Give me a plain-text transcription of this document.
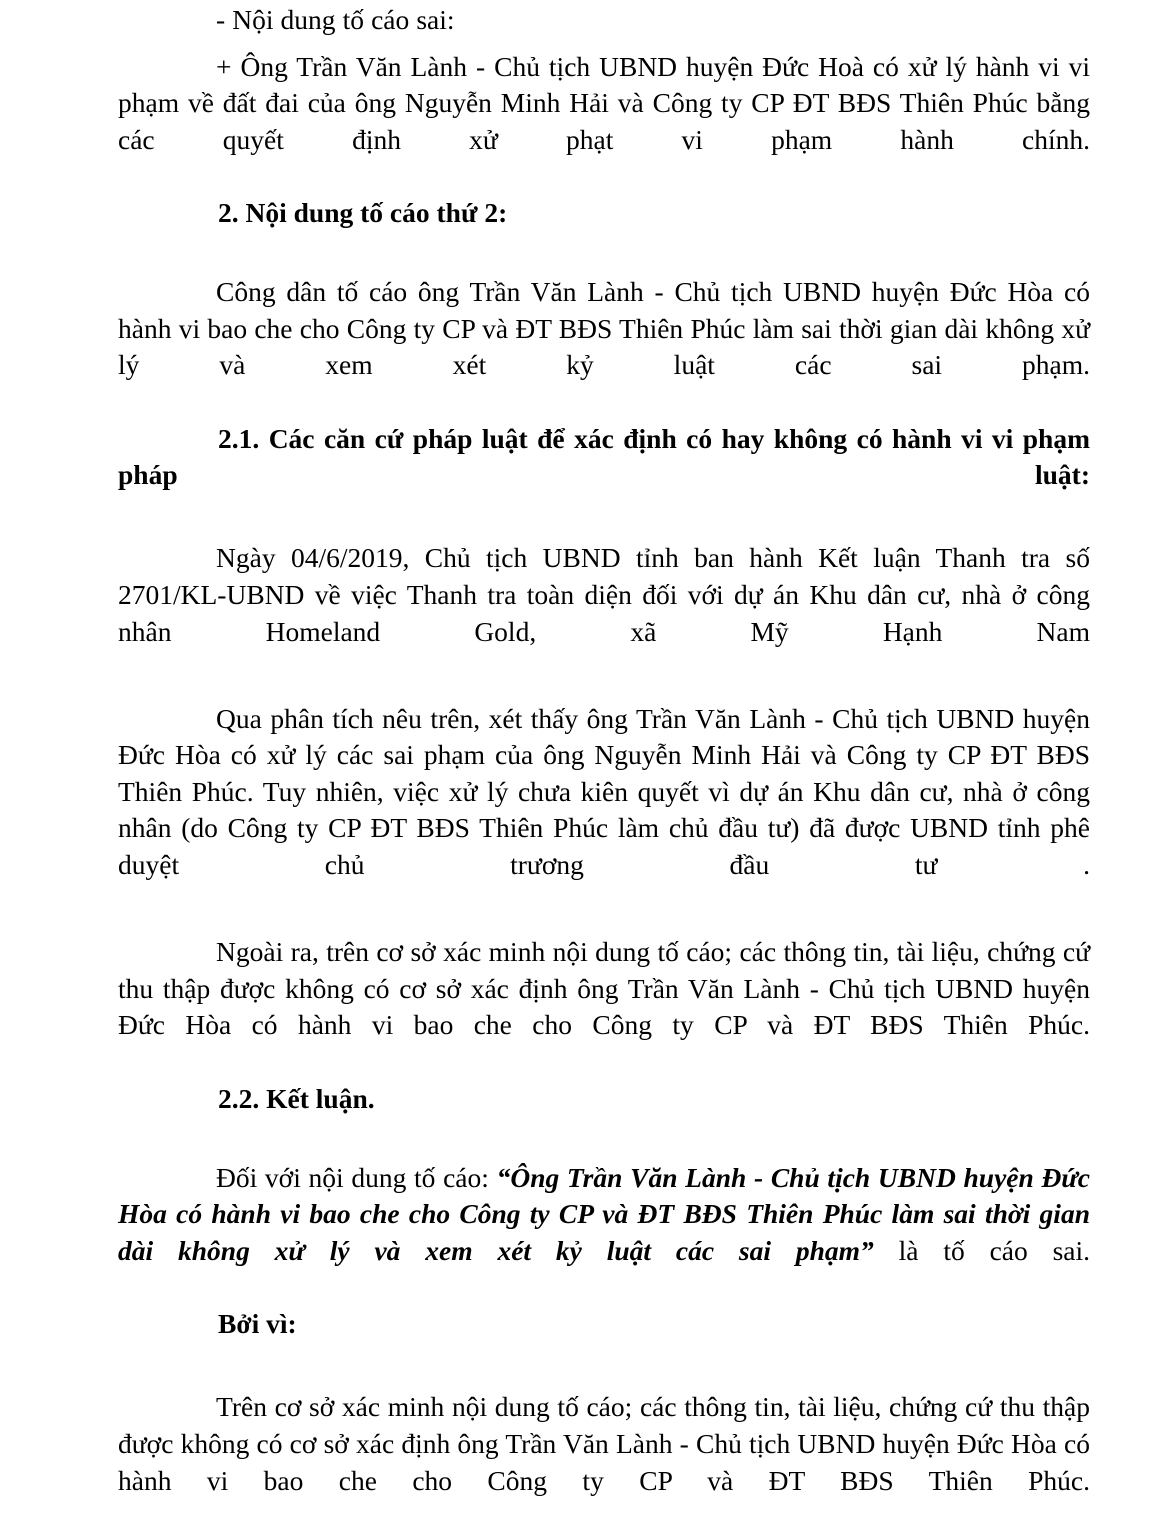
- Nội dung tố cáo sai:

+ Ông Trần Văn Lành - Chủ tịch UBND huyện Đức Hoà có xử lý hành vi vi phạm về đất đai của ông Nguyễn Minh Hải và Công ty CP ĐT BĐS Thiên Phúc bằng các quyết định xử phạt vi phạm hành chính.

2. Nội dung tố cáo thứ 2:

Công dân tố cáo ông Trần Văn Lành - Chủ tịch UBND huyện Đức Hòa có hành vi bao che cho Công ty CP và ĐT BĐS Thiên Phúc làm sai thời gian dài không xử lý và xem xét kỷ luật các sai phạm.

2.1. Các căn cứ pháp luật để xác định có hay không có hành vi vi phạm pháp luật:

Ngày 04/6/2019, Chủ tịch UBND tỉnh ban hành Kết luận Thanh tra số 2701/KL-UBND về việc Thanh tra toàn diện đối với dự án Khu dân cư, nhà ở công nhân Homeland Gold, xã Mỹ Hạnh Nam

Qua phân tích nêu trên, xét thấy ông Trần Văn Lành - Chủ tịch UBND huyện Đức Hòa có xử lý các sai phạm của ông Nguyễn Minh Hải và Công ty CP ĐT BĐS Thiên Phúc. Tuy nhiên, việc xử lý chưa kiên quyết vì dự án Khu dân cư, nhà ở công nhân (do Công ty CP ĐT BĐS Thiên Phúc làm chủ đầu tư) đã được UBND tỉnh phê duyệt chủ trương đầu tư .

Ngoài ra, trên cơ sở xác minh nội dung tố cáo; các thông tin, tài liệu, chứng cứ thu thập được không có cơ sở xác định ông Trần Văn Lành - Chủ tịch UBND huyện Đức Hòa có hành vi bao che cho Công ty CP và ĐT BĐS Thiên Phúc.

2.2. Kết luận.

Đối với nội dung tố cáo: “Ông Trần Văn Lành - Chủ tịch UBND huyện Đức Hòa có hành vi bao che cho Công ty CP và ĐT BĐS Thiên Phúc làm sai thời gian dài không xử lý và xem xét kỷ luật các sai phạm” là tố cáo sai.

Bởi vì:

Trên cơ sở xác minh nội dung tố cáo; các thông tin, tài liệu, chứng cứ thu thập được không có cơ sở xác định ông Trần Văn Lành - Chủ tịch UBND huyện Đức Hòa có hành vi bao che cho Công ty CP và ĐT BĐS Thiên Phúc.
